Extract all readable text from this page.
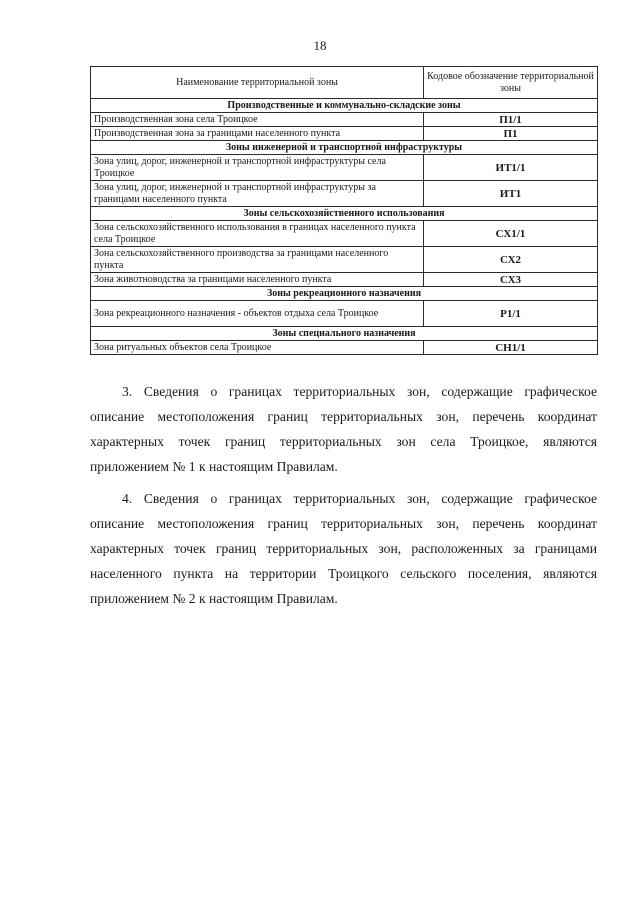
18
Наименование территориальной зоны	Кодовое обозначение территориальной зоны
Производственные и коммунально-складские зоны	
Производственная зона села Троицкое	П1/1
Производственная зона за границами населенного пункта	П1
Зоны инженерной и транспортной инфраструктуры	
Зона улиц, дорог, инженерной и транспортной инфраструктуры села Троицкое	ИТ1/1
Зона улиц, дорог, инженерной и транспортной инфраструктуры за границами населенного пункта	ИТ1
Зоны сельскохозяйственного использования	
Зона сельскохозяйственного использования в границах населенного пункта села Троицкое	СХ1/1
Зона сельскохозяйственного производства за границами населенного пункта	СХ2
Зона животноводства за границами населенного пункта	СХ3
Зоны рекреационного назначения	
Зона рекреационного назначения - объектов отдыха села Троицкое	Р1/1
Зоны специального назначения	
Зона ритуальных объектов села Троицкое	СН1/1

3. Сведения о границах территориальных зон, содержащие графическое описание местоположения границ территориальных зон, перечень координат характерных точек границ территориальных зон села Троицкое, являются приложением № 1 к настоящим Правилам.

4. Сведения о границах территориальных зон, содержащие графическое описание местоположения границ территориальных зон, перечень координат характерных точек границ территориальных зон, расположенных за границами населенного пункта на территории Троицкого сельского поселения, являются приложением № 2 к настоящим Правилам.
